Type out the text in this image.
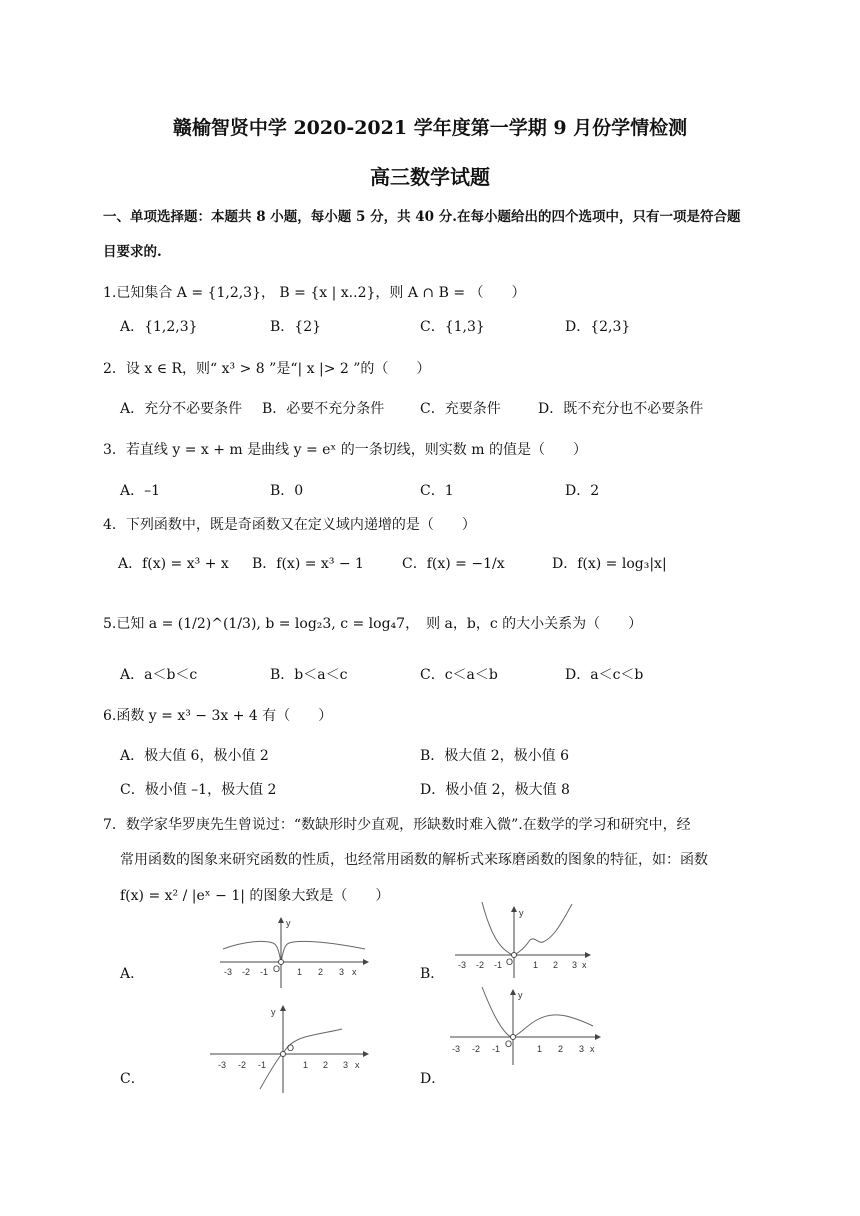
赣榆智贤中学 2020-2021 学年度第一学期 9 月份学情检测
高三数学试题
一、单项选择题：本题共 8 小题，每小题 5 分，共 40 分.在每小题给出的四个选项中，只有一项是符合题
目要求的.
1.已知集合 A = {1,2,3}， B = {x | x..2}，则 A ∩ B = （　　）
A．{1,2,3}	B．{2}	C．{1,3}	D．{2,3}
2．设 x ∈ R，则“ x³ > 8 ”是“| x |> 2 ”的（　　）
A．充分不必要条件 B．必要不充分条件	C．充要条件	D．既不充分也不必要条件
3．若直线 y = x + m 是曲线 y = eˣ 的一条切线，则实数 m 的值是（　　）
A．–1	B．0	C．1	D．2
4．下列函数中，既是奇函数又在定义域内递增的是（　　）
A．f(x) = x³ + x B．f(x) = x³ − 1	C．f(x) = −1/x	D．f(x) = log₃|x|
5.已知 a = (1/2)^(1/3), b = log₂3, c = log₄7，　则 a，b，c 的大小关系为（　　）
A．a＜b＜c	B．b＜a＜c	C．c＜a＜b	D．a＜c＜b
6.函数 y = x³ − 3x + 4 有（　　）
A．极大值 6，极小值 2	B．极大值 2，极小值 6
C．极小值 –1，极大值 2	D．极小值 2，极大值 8
7．数学家华罗庚先生曾说过：“数缺形时少直观，形缺数时难入微”.在数学的学习和研究中，经
常用函数的图象来研究函数的性质，也经常用函数的解析式来琢磨函数的图象的特征，如：函数
f(x) = x² / |eˣ − 1| 的图象大致是（　　）
A．	B．
C．	D．
-3 -2 -1	1 2 3 x
y
O	-3 -2 -1	1 2 3 x
y
O
-3 -2 -1	1 2 3 x
y
O	-3 -2 -1	1 2 3 x
y
O
